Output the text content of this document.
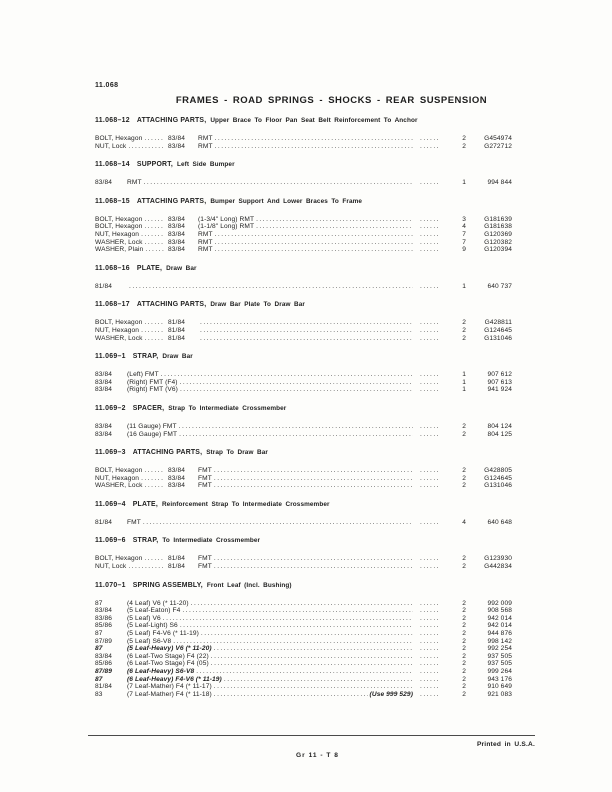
11.068
FRAMES - ROAD SPRINGS - SHOCKS - REAR SUSPENSION
11.068–12 ATTACHING PARTS, Upper Brace To Floor Pan Seat Belt Reinforcement To Anchor
BOLT, Hexagon .....	83/84	RMT ..... ......	2	G454974
NUT, Lock .....	83/84	RMT ..... ......	2	G272712
11.068–14 SUPPORT, Left Side Bumper
83/84	RMT ..... ......	1	994 844
11.068–15 ATTACHING PARTS, Bumper Support And Lower Braces To Frame
BOLT, Hexagon .....	83/84	(1-3/4" Long) RMT ..... ......	3	G181639
BOLT, Hexagon .....	83/84	(1-1/8" Long) RMT ..... ......	4	G181638
NUT, Hexagon .....	83/84	RMT ..... ......	7	G120369
WASHER, Lock .....	83/84	RMT ..... ......	7	G120382
WASHER, Plain .....	83/84	RMT ..... ......	9	G120394
11.068–16 PLATE, Draw Bar
81/84 ..... ......	1	640 737
11.068–17 ATTACHING PARTS, Draw Bar Plate To Draw Bar
BOLT, Hexagon .....	81/84 ..... ......	2	G428811
NUT, Hexagon .....	81/84 ..... ......	2	G124645
WASHER, Lock .....	81/84 ..... ......	2	G131046
11.069–1 STRAP, Draw Bar
83/84	(Left) FMT ..... ......	1	907 612
83/84	(Right) FMT (F4) ..... ......	1	907 613
83/84	(Right) FMT (V6) ..... ......	1	941 924
11.069–2 SPACER, Strap To Intermediate Crossmember
83/84	(11 Gauge) FMT ..... ......	2	804 124
83/84	(16 Gauge) FMT ..... ......	2	804 125
11.069–3 ATTACHING PARTS, Strap To Draw Bar
BOLT, Hexagon .....	83/84	FMT ..... ......	2	G428805
NUT, Hexagon .....	83/84	FMT ..... ......	2	G124645
WASHER, Lock .....	83/84	FMT ..... ......	2	G131046
11.069–4 PLATE, Reinforcement Strap To Intermediate Crossmember
81/84	FMT ..... ......	4	640 648
11.069–6 STRAP, To Intermediate Crossmember
BOLT, Hexagon .....	81/84	FMT ..... ......	2	G123930
NUT, Lock .....	81/84	FMT ..... ......	2	G442834
11.070–1 SPRING ASSEMBLY, Front Leaf (Incl. Bushing)
87	(4 Leaf) V6 (* 11-20) ..... ......	2	992 009
83/84	(5 Leaf-Eaton) F4 ..... ......	2	908 568
83/86	(5 Leaf) V6 ..... ......	2	942 014
85/86	(5 Leaf-Light) S6 ..... ......	2	942 014
87	(5 Leaf) F4-V6 (* 11-19) ..... ......	2	944 876
87/89	(5 Leaf) S6-V8 ..... ......	2	998 142
87	(5 Leaf-Heavy) V6 (* 11-20) ..... ......	2	992 254
83/84	(6 Leaf-Two Stage) F4 (22) ..... ......	2	937 505
85/86	(6 Leaf-Two Stage) F4 (05) ..... ......	2	937 505
87/89	(6 Leaf-Heavy) S6-V8 ..... ......	2	999 264
87	(6 Leaf-Heavy) F4-V6 (* 11-19) ..... ......	2	943 176
81/84	(7 Leaf-Mather) F4 (* 11-17) ..... ......	2	910 649
83	(7 Leaf-Mather) F4 (* 11-18) .....	(Use 999 529) ......	2	921 083
Printed in U.S.A.
Gr 11 - T 8
